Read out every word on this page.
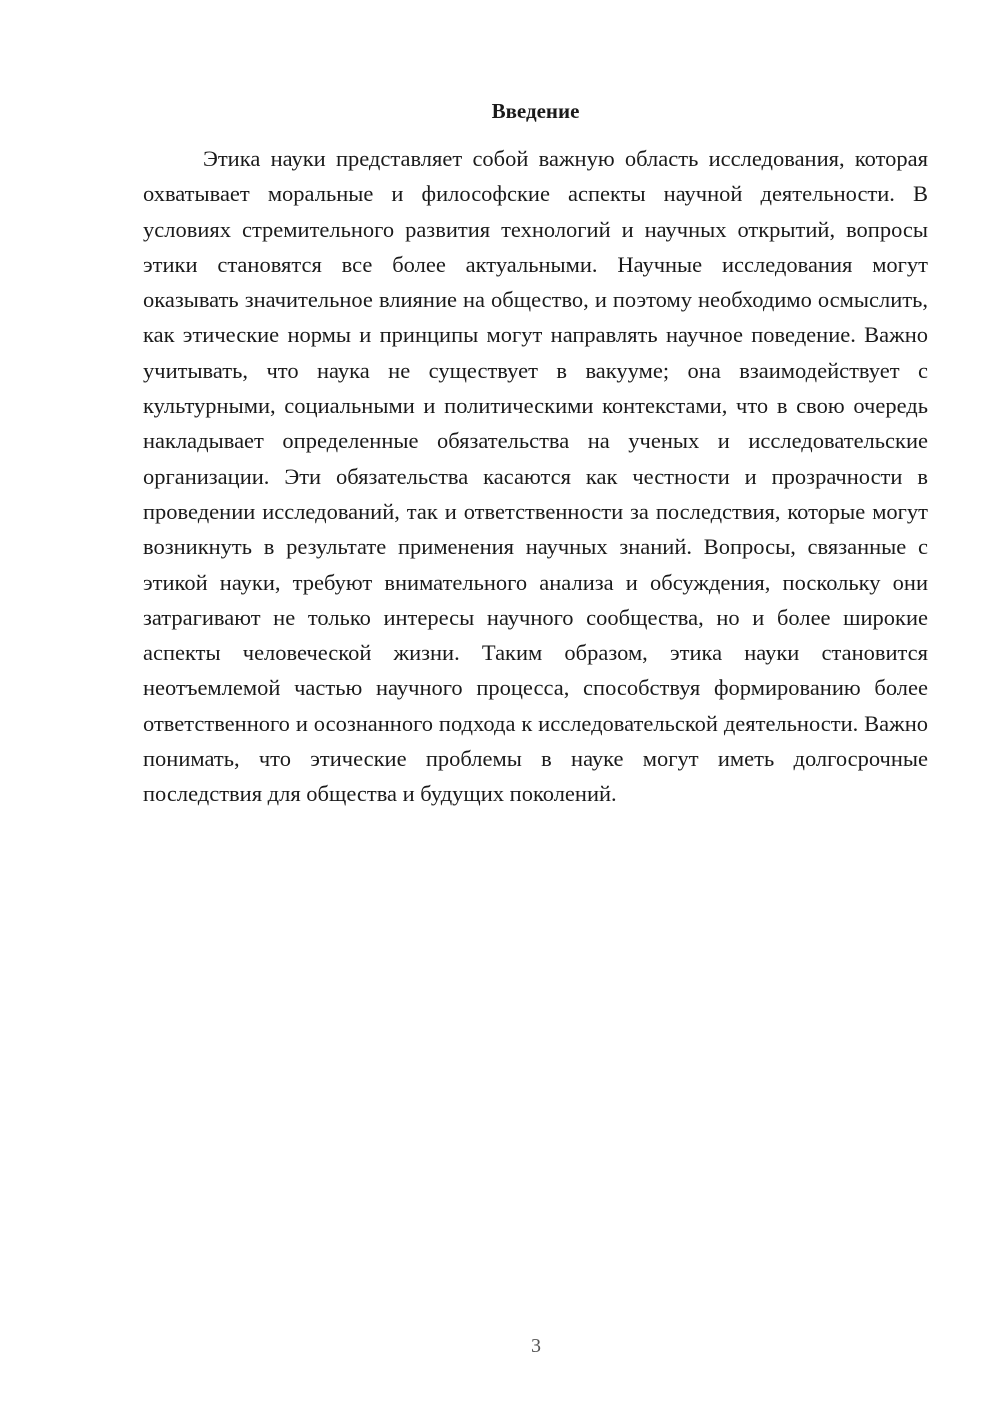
Введение

Этика науки представляет собой важную область исследования, которая охватывает моральные и философские аспекты научной деятельности. В условиях стремительного развития технологий и научных открытий, вопросы этики становятся все более актуальными. Научные исследования могут оказывать значительное влияние на общество, и поэтому необходимо осмыслить, как этические нормы и принципы могут направлять научное поведение. Важно учитывать, что наука не существует в вакууме; она взаимодействует с культурными, социальными и политическими контекстами, что в свою очередь накладывает определенные обязательства на ученых и исследовательские организации. Эти обязательства касаются как честности и прозрачности в проведении исследований, так и ответственности за последствия, которые могут возникнуть в результате применения научных знаний. Вопросы, связанные с этикой науки, требуют внимательного анализа и обсуждения, поскольку они затрагивают не только интересы научного сообщества, но и более широкие аспекты человеческой жизни. Таким образом, этика науки становится неотъемлемой частью научного процесса, способствуя формированию более ответственного и осознанного подхода к исследовательской деятельности. Важно понимать, что этические проблемы в науке могут иметь долгосрочные последствия для общества и будущих поколений.

3
